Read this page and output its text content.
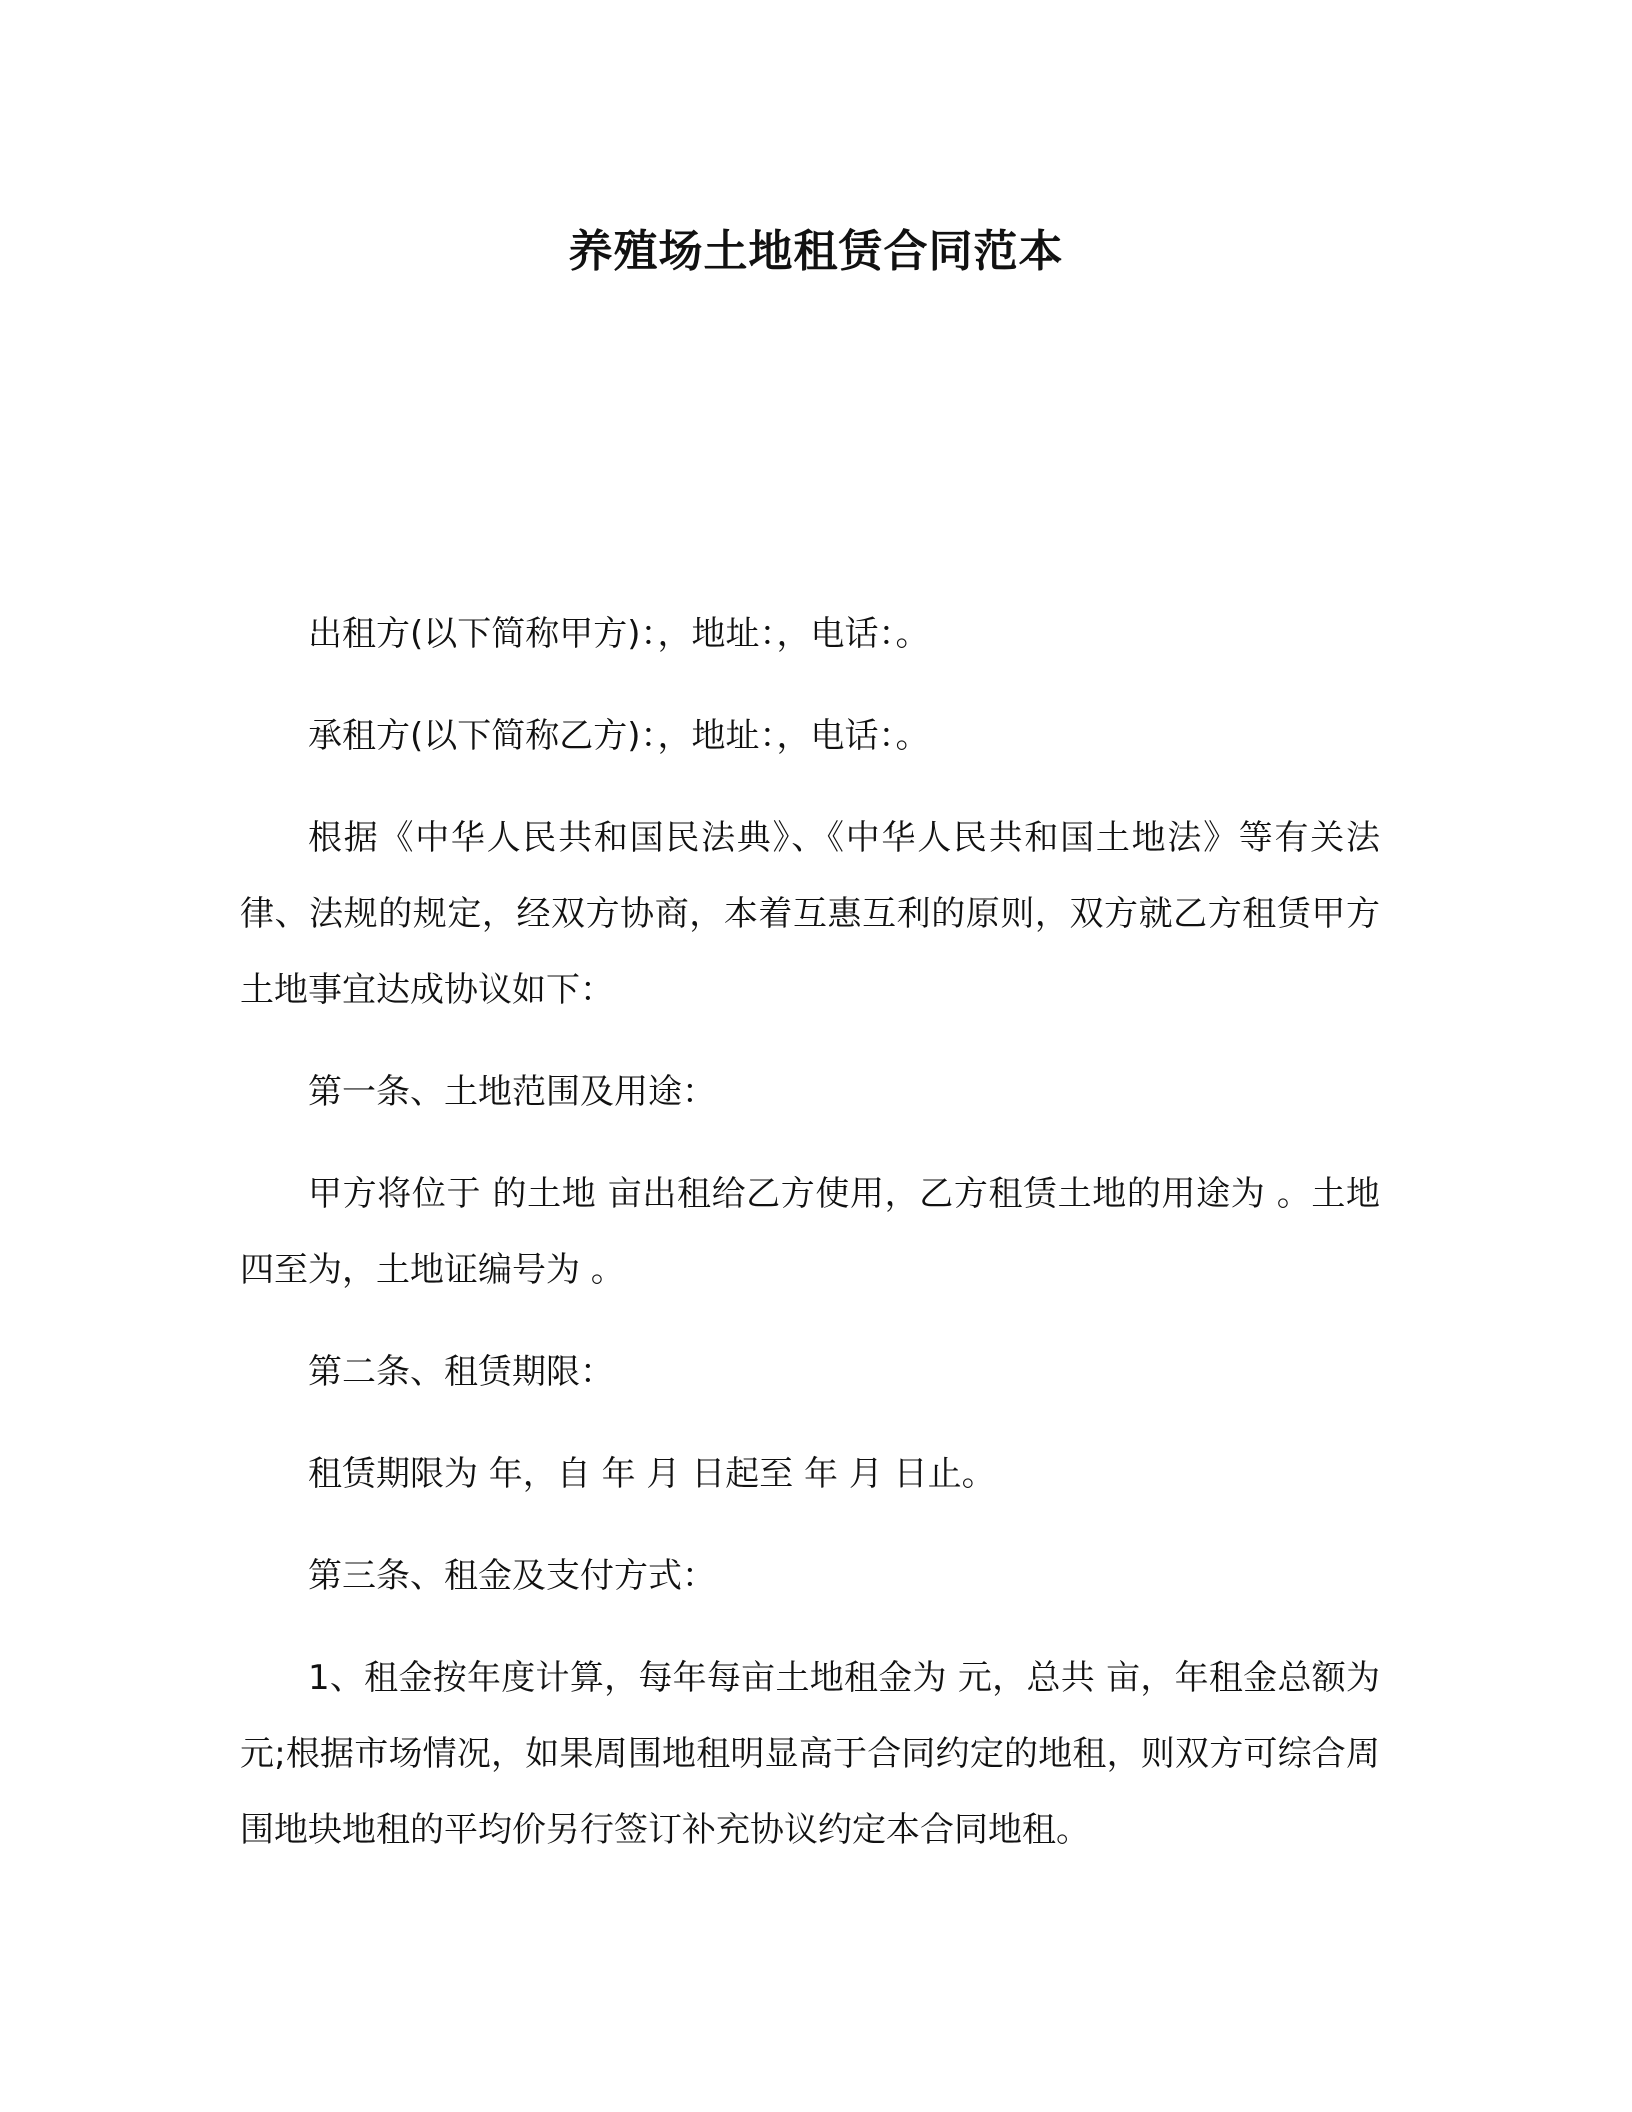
养殖场土地租赁合同范本

出租方(以下简称甲方)：，地址：，电话：。

承租方(以下简称乙方)：，地址：，电话：。

根据《中华人民共和国民法典》、《中华人民共和国土地法》等有关法律、法规的规定，经双方协商，本着互惠互利的原则，双方就乙方租赁甲方土地事宜达成协议如下：

第一条、土地范围及用途：

甲方将位于 的土地 亩出租给乙方使用，乙方租赁土地的用途为 。土地四至为，土地证编号为 。

第二条、租赁期限：

租赁期限为 年，自 年 月 日起至 年 月 日止。

第三条、租金及支付方式：

1、租金按年度计算，每年每亩土地租金为 元，总共 亩，年租金总额为 元;根据市场情况，如果周围地租明显高于合同约定的地租，则双方可综合周围地块地租的平均价另行签订补充协议约定本合同地租。
